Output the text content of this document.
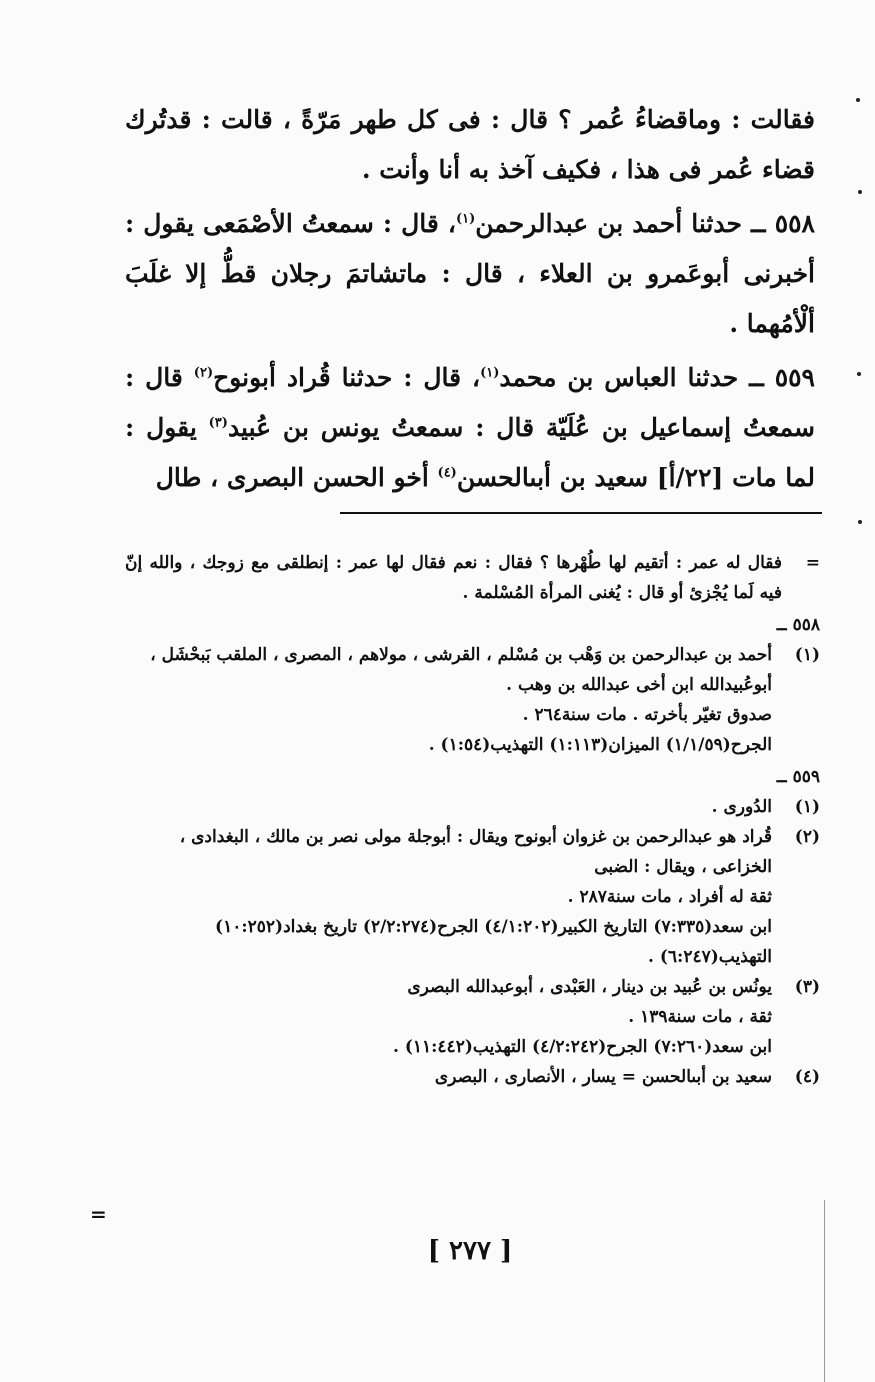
فقالت : وماقضاءُ عُمر ؟ قال : فى كل طهر مَرّةً ، قالت : قدتُرك قضاء عُمر فى هذا ، فكيف آخذ به أنا وأنت .

٥٥٨ ــ حدثنا أحمد بن عبدالرحمن$^{(١)}$، قال : سمعتُ الأصْمَعى يقول : أخبرنى أبوعَمرو بن العلاء ، قال : ماتشاتمَ رجلان قطُّ إلا غلَبَ ألْأمُهما .

٥٥٩ ــ حدثنا العباس بن محمد$^{(١)}$، قال : حدثنا قُراد أبونوح$^{(٢)}$ قال : سمعتُ إسماعيل بن عُلَيّة قال : سمعتُ يونس بن عُبيد$^{(٣)}$ يقول : لما مات [٢٢/أ] سعيد بن أبىالحسن$^{(٤)}$ أخو الحسن البصرى ، طال

=
فقال له عمر : أتقيم لها طُهْرها ؟ فقال : نعم فقال لها عمر : إنطلقى مع زوجك ، والله إنّ فيه لَما يُجْزئ أو قال : يُغنى المرأة المُسْلمة .
٥٥٨ ــ
(١)
أحمد بن عبدالرحمن بن وَهْب بن مُسْلم ، القرشى ، مولاهم ، المصرى ، الملقب بَبحْشَل ، أبوعُبيدالله ابن أخى عبدالله بن وهب .
صدوق تغيّر بأخرته . مات سنة٢٦٤ .
الجرح(١/١/٥٩) الميزان(١:١١٣) التهذيب(١:٥٤) .
٥٥٩ ــ
(١)
الدُورى .
(٢)
قُراد هو عبدالرحمن بن غزوان أبونوح ويقال : أبوجلة مولى نصر بن مالك ، البغدادى ، الخزاعى ، ويقال : الضبى
ثقة له أفراد ، مات سنة٢٨٧ .
ابن سعد(٧:٣٣٥) التاريخ الكبير(٤/١:٢٠٢) الجرح(٢/٢:٢٧٤) تاريخ بغداد(١٠:٢٥٢) التهذيب(٦:٢٤٧) .
(٣)
يونُس بن عُبيد بن دينار ، العَبْدى ، أبوعبدالله البصرى
ثقة ، مات سنة١٣٩ .
ابن سعد(٧:٢٦٠) الجرح(٤/٢:٢٤٢) التهذيب(١١:٤٤٢) .
(٤)
سعيد بن أبىالحسن = يسار ، الأنصارى ، البصرى
=
[ ٢٧٧ ]
